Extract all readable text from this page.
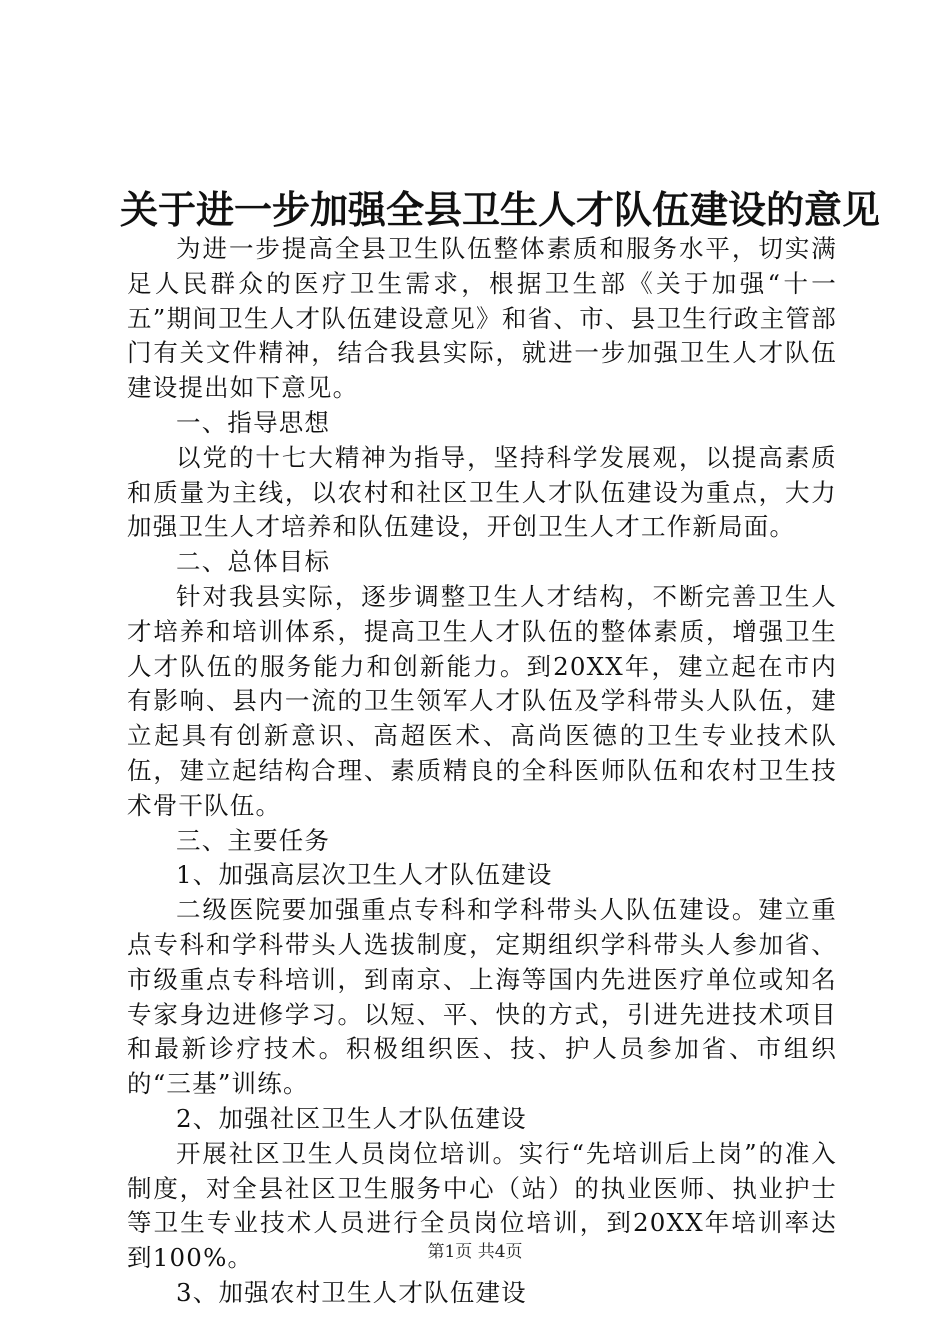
关于进一步加强全县卫生人才队伍建设的意见

为进一步提高全县卫生队伍整体素质和服务水平，切实满足人民群众的医疗卫生需求，根据卫生部《关于加强“十一五”期间卫生人才队伍建设意见》和省、市、县卫生行政主管部门有关文件精神，结合我县实际，就进一步加强卫生人才队伍建设提出如下意见。

一、指导思想

以党的十七大精神为指导，坚持科学发展观，以提高素质和质量为主线，以农村和社区卫生人才队伍建设为重点，大力加强卫生人才培养和队伍建设，开创卫生人才工作新局面。

二、总体目标

针对我县实际，逐步调整卫生人才结构，不断完善卫生人才培养和培训体系，提高卫生人才队伍的整体素质，增强卫生人才队伍的服务能力和创新能力。到20XX年，建立起在市内有影响、县内一流的卫生领军人才队伍及学科带头人队伍，建立起具有创新意识、高超医术、高尚医德的卫生专业技术队伍，建立起结构合理、素质精良的全科医师队伍和农村卫生技术骨干队伍。

三、主要任务

1、加强高层次卫生人才队伍建设

二级医院要加强重点专科和学科带头人队伍建设。建立重点专科和学科带头人选拔制度，定期组织学科带头人参加省、市级重点专科培训，到南京、上海等国内先进医疗单位或知名专家身边进修学习。以短、平、快的方式，引进先进技术项目和最新诊疗技术。积极组织医、技、护人员参加省、市组织的“三基”训练。

2、加强社区卫生人才队伍建设

开展社区卫生人员岗位培训。实行“先培训后上岗”的准入制度，对全县社区卫生服务中心（站）的执业医师、执业护士等卫生专业技术人员进行全员岗位培训，到20XX年培训率达到100%。

3、加强农村卫生人才队伍建设

第1页 共4页
